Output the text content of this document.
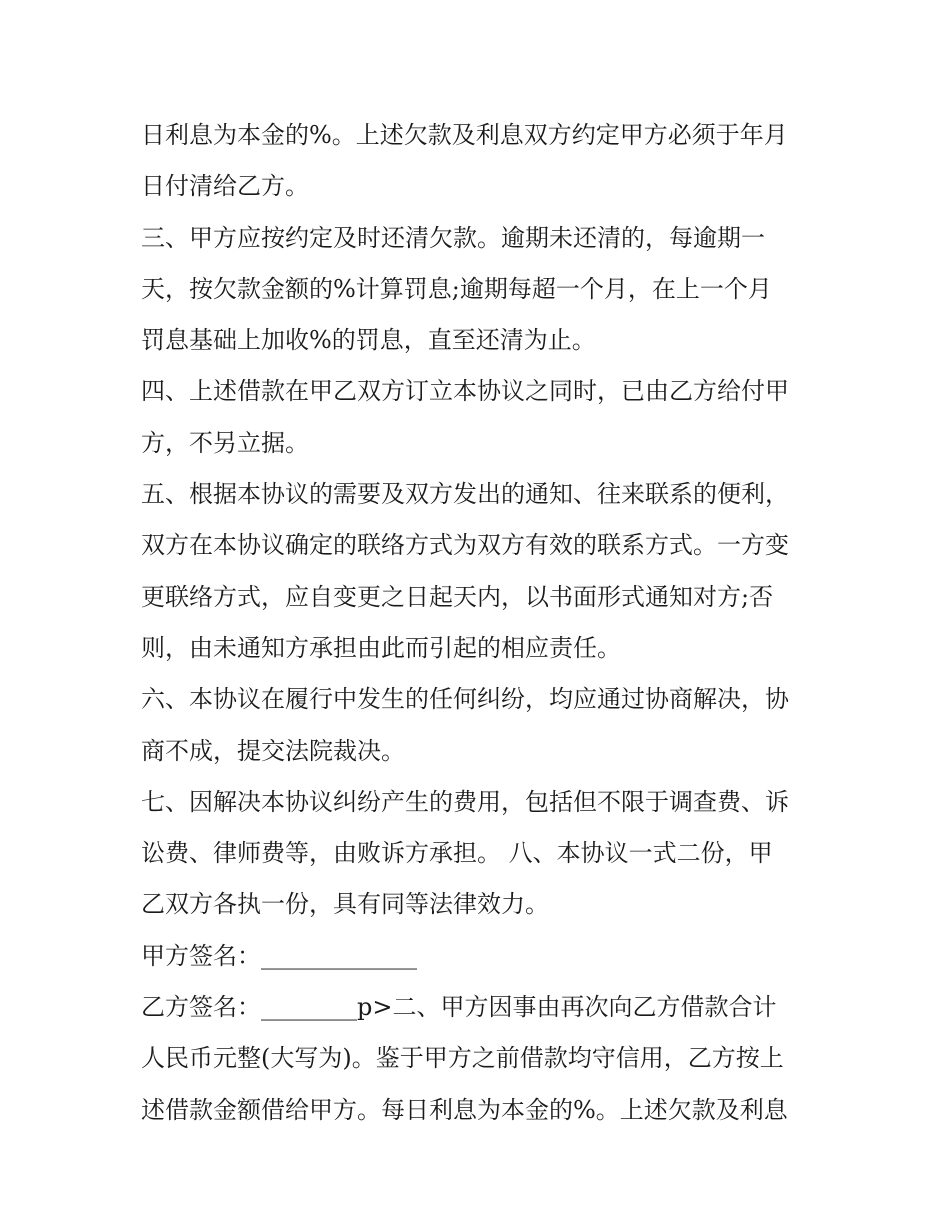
日利息为本金的%。上述欠款及利息双方约定甲方必须于年月
日付清给乙方。
三、甲方应按约定及时还清欠款。逾期未还清的，每逾期一
天，按欠款金额的%计算罚息;逾期每超一个月，在上一个月
罚息基础上加收%的罚息，直至还清为止。
四、上述借款在甲乙双方订立本协议之同时，已由乙方给付甲
方，不另立据。
五、根据本协议的需要及双方发出的通知、往来联系的便利，
双方在本协议确定的联络方式为双方有效的联系方式。一方变
更联络方式，应自变更之日起天内，以书面形式通知对方;否
则，由未通知方承担由此而引起的相应责任。
六、本协议在履行中发生的任何纠纷，均应通过协商解决，协
商不成，提交法院裁决。
七、因解决本协议纠纷产生的费用，包括但不限于调查费、诉
讼费、律师费等，由败诉方承担。 八、本协议一式二份，甲
乙双方各执一份，具有同等法律效力。
甲方签名：_____________
乙方签名：________p>二、甲方因事由再次向乙方借款合计
人民币元整(大写为)。鉴于甲方之前借款均守信用，乙方按上
述借款金额借给甲方。每日利息为本金的%。上述欠款及利息
